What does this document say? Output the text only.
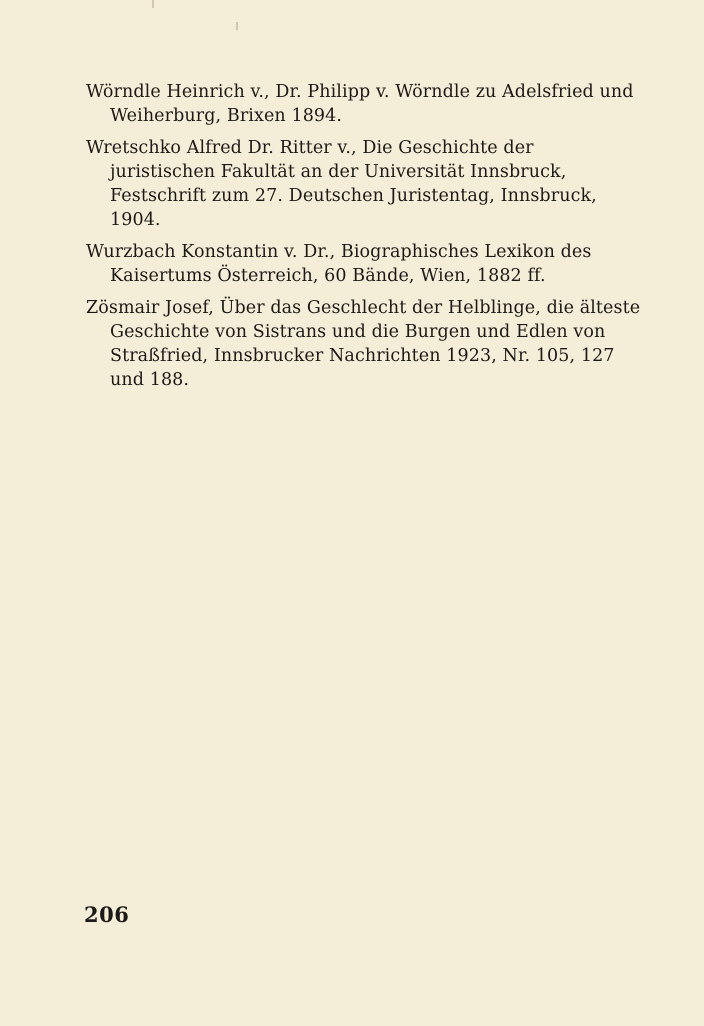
Wörndle Heinrich v., Dr. Philipp v. Wörndle zu Adelsfried und Weiherburg, Brixen 1894.

Wretschko Alfred Dr. Ritter v., Die Geschichte der juristischen Fakultät an der Universität Innsbruck, Festschrift zum 27. Deutschen Juristentag, Innsbruck, 1904.

Wurzbach Konstantin v. Dr., Biographisches Lexikon des Kaisertums Österreich, 60 Bände, Wien, 1882 ff.

Zösmair Josef, Über das Geschlecht der Helblinge, die älteste Geschichte von Sistrans und die Burgen und Edlen von Straßfried, Innsbrucker Nachrichten 1923, Nr. 105, 127 und 188.

206
